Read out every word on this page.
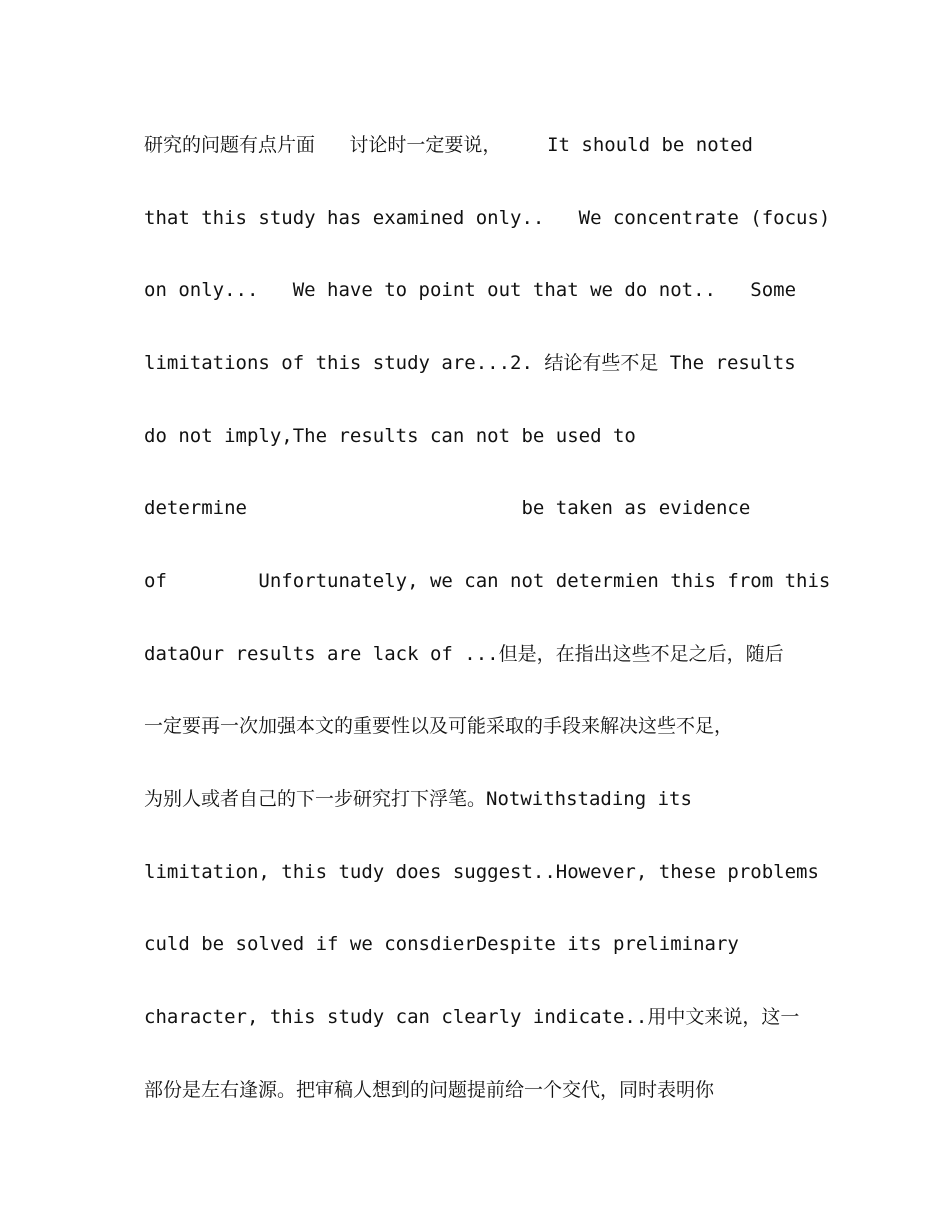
研究的问题有点片面   讨论时一定要说，    It should be noted
that this study has examined only..   We concentrate (focus)
on only...   We have to point out that we do not..   Some
limitations of this study are...2. 结论有些不足 The results
do not imply,The results can not be used to
determine                        be taken as evidence
of        Unfortunately, we can not determien this from this
dataOur results are lack of ...但是，在指出这些不足之后，随后
一定要再一次加强本文的重要性以及可能采取的手段来解决这些不足，
为别人或者自己的下一步研究打下浮笔。Notwithstading its
limitation, this tudy does suggest..However, these problems
culd be solved if we consdierDespite its preliminary
character, this study can clearly indicate..用中文来说，这一
部份是左右逢源。把审稿人想到的问题提前给一个交代，同时表明你
